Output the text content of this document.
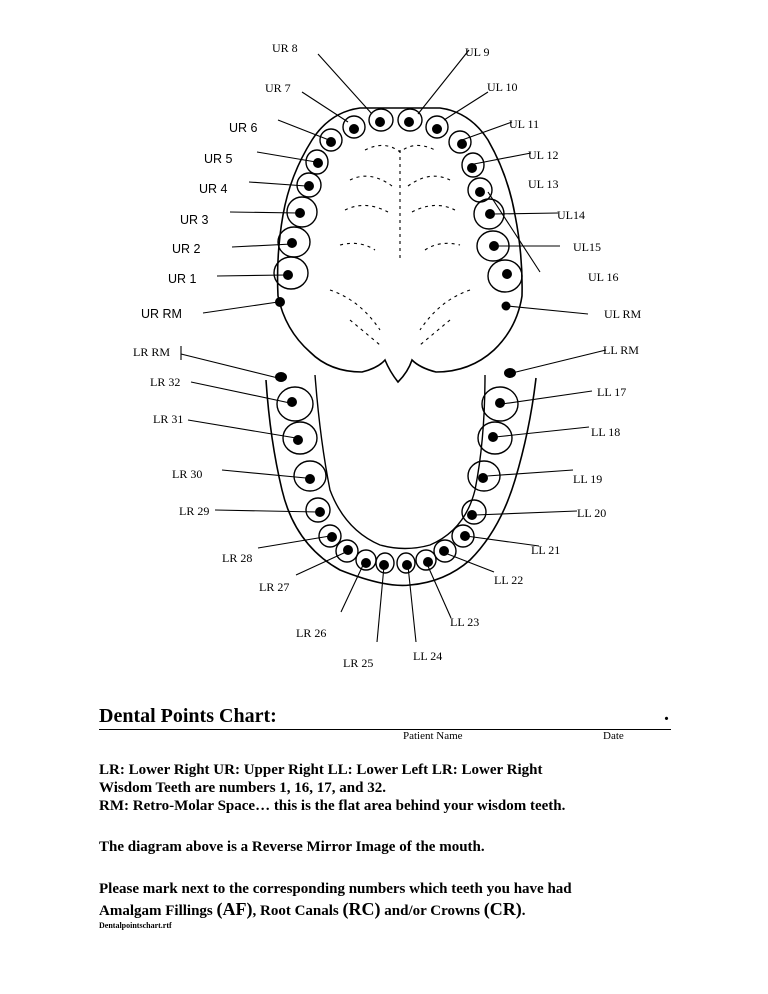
UR 8	UL 9
UR 7	UL 10
UR 6	UL 11
UR 5	UL 12
UR 4	UL 13
UR 3	UL14
UR 2	UL15
UR 1	UL 16
UR RM	UL RM
LR RM	LL RM
LR 32
LL 17
LR 31
LL 18
LR 30	LL 19
LR 29	LL 20
LR 28
LL 21
LR 27	LL 22
LR 26
LL 23
LR 25	LL 24
Dental Points Chart:	.
Patient Name	Date
LR: Lower Right UR: Upper Right LL: Lower Left LR: Lower Right
Wisdom Teeth are numbers 1, 16, 17, and 32.
RM: Retro-Molar Space… this is the flat area behind your wisdom teeth.
The diagram above is a Reverse Mirror Image of the mouth.
Please mark next to the corresponding numbers which teeth you have had
Amalgam Fillings (AF), Root Canals (RC) and/or Crowns (CR).
Dentalpointschart.rtf
